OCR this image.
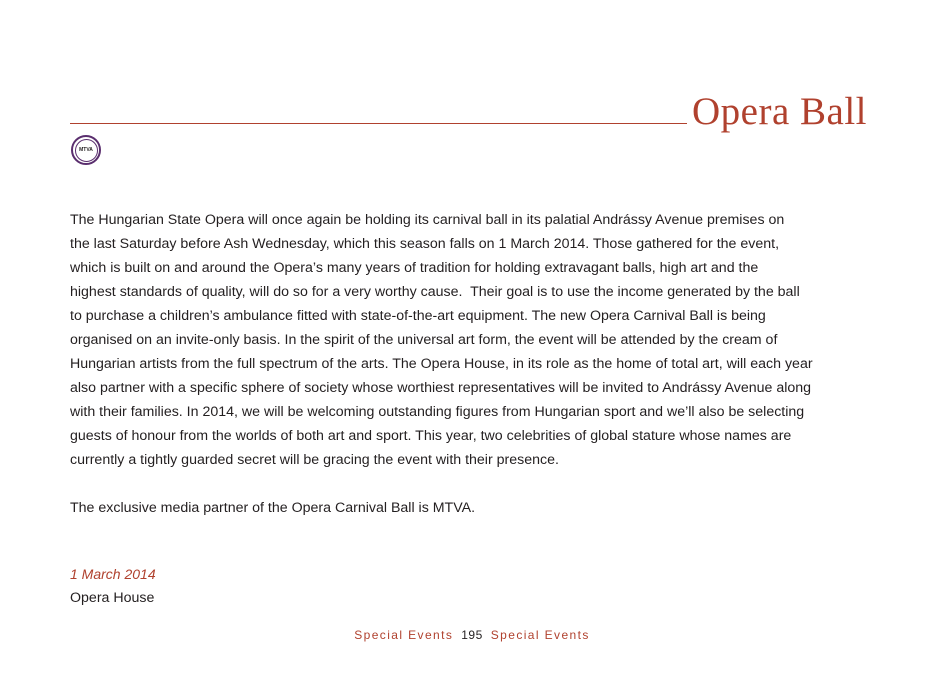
Opera Ball
MTVA

The Hungarian State Opera will once again be holding its carnival ball in its palatial Andrássy Avenue premises on
the last Saturday before Ash Wednesday, which this season falls on 1 March 2014. Those gathered for the event,
which is built on and around the Opera’s many years of tradition for holding extravagant balls, high art and the
highest standards of quality, will do so for a very worthy cause.  Their goal is to use the income generated by the ball
to purchase a children’s ambulance fitted with state-of-the-art equipment. The new Opera Carnival Ball is being
organised on an invite-only basis. In the spirit of the universal art form, the event will be attended by the cream of
Hungarian artists from the full spectrum of the arts. The Opera House, in its role as the home of total art, will each year
also partner with a specific sphere of society whose worthiest representatives will be invited to Andrássy Avenue along
with their families. In 2014, we will be welcoming outstanding figures from Hungarian sport and we’ll also be selecting
guests of honour from the worlds of both art and sport. This year, two celebrities of global stature whose names are
currently a tightly guarded secret will be gracing the event with their presence.

The exclusive media partner of the Opera Carnival Ball is MTVA.

1 March 2014
Opera House
Special Events 195 Special Events
